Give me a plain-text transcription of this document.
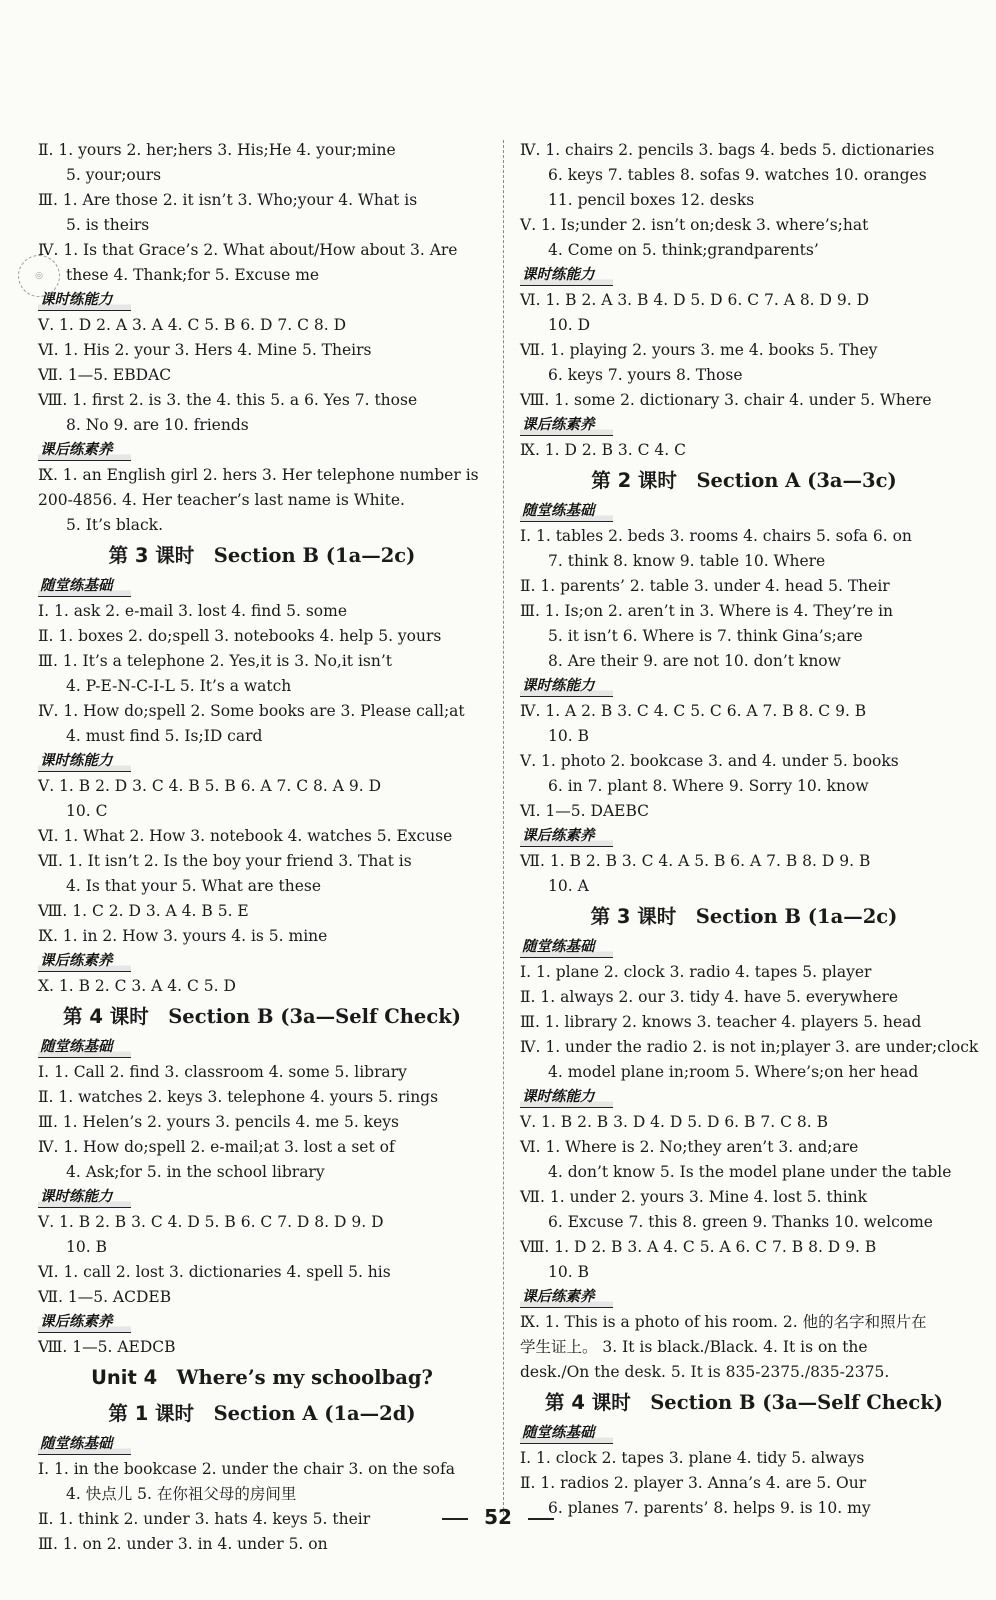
Ⅱ. 1. yours 2. her;hers 3. His;He 4. your;mine
5. your;ours
Ⅲ. 1. Are those 2. it isn’t 3. Who;your 4. What is
5. is theirs
Ⅳ. 1. Is that Grace’s 2. What about/How about 3. Are
these 4. Thank;for 5. Excuse me
课时练能力
Ⅴ. 1. D 2. A 3. A 4. C 5. B 6. D 7. C 8. D
Ⅵ. 1. His 2. your 3. Hers 4. Mine 5. Theirs
Ⅶ. 1—5. EBDAC
Ⅷ. 1. first 2. is 3. the 4. this 5. a 6. Yes 7. those
8. No 9. are 10. friends
课后练素养
Ⅸ. 1. an English girl 2. hers 3. Her telephone number is
200-4856. 4. Her teacher’s last name is White.
5. It’s black.
第 3 课时  Section B (1a—2c)
随堂练基础
Ⅰ. 1. ask 2. e-mail 3. lost 4. find 5. some
Ⅱ. 1. boxes 2. do;spell 3. notebooks 4. help 5. yours
Ⅲ. 1. It’s a telephone 2. Yes,it is 3. No,it isn’t
4. P-E-N-C-I-L 5. It’s a watch
Ⅳ. 1. How do;spell 2. Some books are 3. Please call;at
4. must find 5. Is;ID card
课时练能力
Ⅴ. 1. B 2. D 3. C 4. B 5. B 6. A 7. C 8. A 9. D
10. C
Ⅵ. 1. What 2. How 3. notebook 4. watches 5. Excuse
Ⅶ. 1. It isn’t 2. Is the boy your friend 3. That is
4. Is that your 5. What are these
Ⅷ. 1. C 2. D 3. A 4. B 5. E
Ⅸ. 1. in 2. How 3. yours 4. is 5. mine
课后练素养
Ⅹ. 1. B 2. C 3. A 4. C 5. D
第 4 课时  Section B (3a—Self Check)
随堂练基础
Ⅰ. 1. Call 2. find 3. classroom 4. some 5. library
Ⅱ. 1. watches 2. keys 3. telephone 4. yours 5. rings
Ⅲ. 1. Helen’s 2. yours 3. pencils 4. me 5. keys
Ⅳ. 1. How do;spell 2. e-mail;at 3. lost a set of
4. Ask;for 5. in the school library
课时练能力
Ⅴ. 1. B 2. B 3. C 4. D 5. B 6. C 7. D 8. D 9. D
10. B
Ⅵ. 1. call 2. lost 3. dictionaries 4. spell 5. his
Ⅶ. 1—5. ACDEB
课后练素养
Ⅷ. 1—5. AEDCB
Unit 4  Where’s my schoolbag?
第 1 课时  Section A (1a—2d)
随堂练基础
Ⅰ. 1. in the bookcase 2. under the chair 3. on the sofa
4. 快点儿 5. 在你祖父母的房间里
Ⅱ. 1. think 2. under 3. hats 4. keys 5. their
Ⅲ. 1. on 2. under 3. in 4. under 5. on
Ⅳ. 1. chairs 2. pencils 3. bags 4. beds 5. dictionaries
6. keys 7. tables 8. sofas 9. watches 10. oranges
11. pencil boxes 12. desks
Ⅴ. 1. Is;under 2. isn’t on;desk 3. where’s;hat
4. Come on 5. think;grandparents’
课时练能力
Ⅵ. 1. B 2. A 3. B 4. D 5. D 6. C 7. A 8. D 9. D
10. D
Ⅶ. 1. playing 2. yours 3. me 4. books 5. They
6. keys 7. yours 8. Those
Ⅷ. 1. some 2. dictionary 3. chair 4. under 5. Where
课后练素养
Ⅸ. 1. D 2. B 3. C 4. C
第 2 课时  Section A (3a—3c)
随堂练基础
Ⅰ. 1. tables 2. beds 3. rooms 4. chairs 5. sofa 6. on
7. think 8. know 9. table 10. Where
Ⅱ. 1. parents’ 2. table 3. under 4. head 5. Their
Ⅲ. 1. Is;on 2. aren’t in 3. Where is 4. They’re in
5. it isn’t 6. Where is 7. think Gina’s;are
8. Are their 9. are not 10. don’t know
课时练能力
Ⅳ. 1. A 2. B 3. C 4. C 5. C 6. A 7. B 8. C 9. B
10. B
Ⅴ. 1. photo 2. bookcase 3. and 4. under 5. books
6. in 7. plant 8. Where 9. Sorry 10. know
Ⅵ. 1—5. DAEBC
课后练素养
Ⅶ. 1. B 2. B 3. C 4. A 5. B 6. A 7. B 8. D 9. B
10. A
第 3 课时  Section B (1a—2c)
随堂练基础
Ⅰ. 1. plane 2. clock 3. radio 4. tapes 5. player
Ⅱ. 1. always 2. our 3. tidy 4. have 5. everywhere
Ⅲ. 1. library 2. knows 3. teacher 4. players 5. head
Ⅳ. 1. under the radio 2. is not in;player 3. are under;clock
4. model plane in;room 5. Where’s;on her head
课时练能力
Ⅴ. 1. B 2. B 3. D 4. D 5. D 6. B 7. C 8. B
Ⅵ. 1. Where is 2. No;they aren’t 3. and;are
4. don’t know 5. Is the model plane under the table
Ⅶ. 1. under 2. yours 3. Mine 4. lost 5. think
6. Excuse 7. this 8. green 9. Thanks 10. welcome
Ⅷ. 1. D 2. B 3. A 4. C 5. A 6. C 7. B 8. D 9. B
10. B
课后练素养
Ⅸ. 1. This is a photo of his room. 2. 他的名字和照片在
学生证上。 3. It is black./Black. 4. It is on the
desk./On the desk. 5. It is 835-2375./835-2375.
第 4 课时  Section B (3a—Self Check)
随堂练基础
Ⅰ. 1. clock 2. tapes 3. plane 4. tidy 5. always
Ⅱ. 1. radios 2. player 3. Anna’s 4. are 5. Our
6. planes 7. parents’ 8. helps 9. is 10. my
◎
52
